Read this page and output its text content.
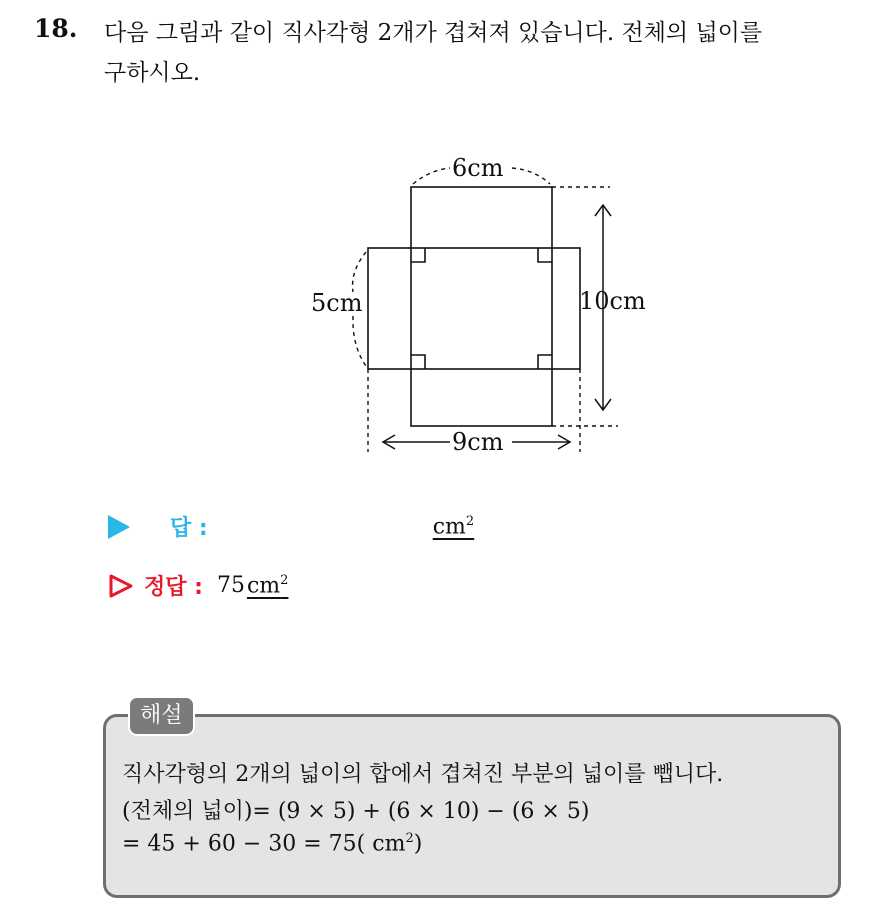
18. 다음 그림과 같이 직사각형 2개가 겹쳐져 있습니다. 전체의 넓이를
구하시오.
6cm
5cm	10cm
9cm
답 :	$cm^2$
정답 : 75 $cm^2$
해설
직사각형의 2개의 넓이의 합에서 겹쳐진 부분의 넓이를 뺍니다.
(전체의 넓이)= (9 × 5) + (6 × 10) − (6 × 5)
= 45 + 60 − 30 = 75( $cm^2$)
